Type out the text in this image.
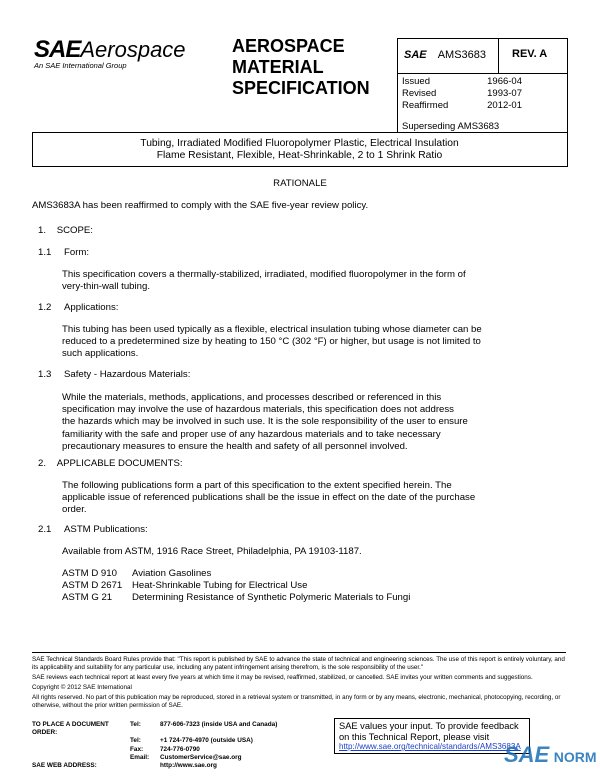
SAEAerospace
An SAE International Group
AEROSPACE
MATERIAL
SPECIFICATION
SAE AMS3683 REV. A
Issued	1966-04
Revised	1993-07
Reaffirmed	2012-01
Superseding AMS3683
Tubing, Irradiated Modified Fluoropolymer Plastic, Electrical Insulation
Flame Resistant, Flexible, Heat-Shrinkable, 2 to 1 Shrink Ratio
RATIONALE
AMS3683A has been reaffirmed to comply with the SAE five-year review policy.
1. SCOPE:
1.1 Form:
This specification covers a thermally-stabilized, irradiated, modified fluoropolymer in the form of very-thin-wall tubing.
1.2 Applications:
This tubing has been used typically as a flexible, electrical insulation tubing whose diameter can be reduced to a predetermined size by heating to 150 °C (302 °F) or higher, but usage is not limited to such applications.
1.3 Safety - Hazardous Materials:
While the materials, methods, applications, and processes described or referenced in this specification may involve the use of hazardous materials, this specification does not address the hazards which may be involved in such use. It is the sole responsibility of the user to ensure familiarity with the safe and proper use of any hazardous materials and to take necessary precautionary measures to ensure the health and safety of all personnel involved.
2. APPLICABLE DOCUMENTS:
The following publications form a part of this specification to the extent specified herein. The applicable issue of referenced publications shall be the issue in effect on the date of the purchase order.
2.1 ASTM Publications:
Available from ASTM, 1916 Race Street, Philadelphia, PA 19103-1187.
ASTM D 910	Aviation Gasolines
ASTM D 2671	Heat-Shrinkable Tubing for Electrical Use
ASTM G 21	Determining Resistance of Synthetic Polymeric Materials to Fungi
SAE Technical Standards Board Rules provide that: "This report is published by SAE to advance the state of technical and engineering sciences. The use of this report is entirely voluntary, and its applicability and suitability for any particular use, including any patent infringement arising therefrom, is the sole responsibility of the user."
SAE reviews each technical report at least every five years at which time it may be revised, reaffirmed, stabilized, or cancelled. SAE invites your written comments and suggestions.
Copyright © 2012 SAE International
All rights reserved. No part of this publication may be reproduced, stored in a retrieval system or transmitted, in any form or by any means, electronic, mechanical, photocopying, recording, or otherwise, without the prior written permission of SAE.
TO PLACE A DOCUMENT ORDER:
Tel:	877-606-7323 (inside USA and Canada)
Tel:	+1 724-776-4970 (outside USA)
Fax:	724-776-0790
Email:	CustomerService@sae.org
SAE WEB ADDRESS:	http://www.sae.org
SAE values your input. To provide feedback
on this Technical Report, please visit
http://www.sae.org/technical/standards/AMS3683A
SAE NORM
